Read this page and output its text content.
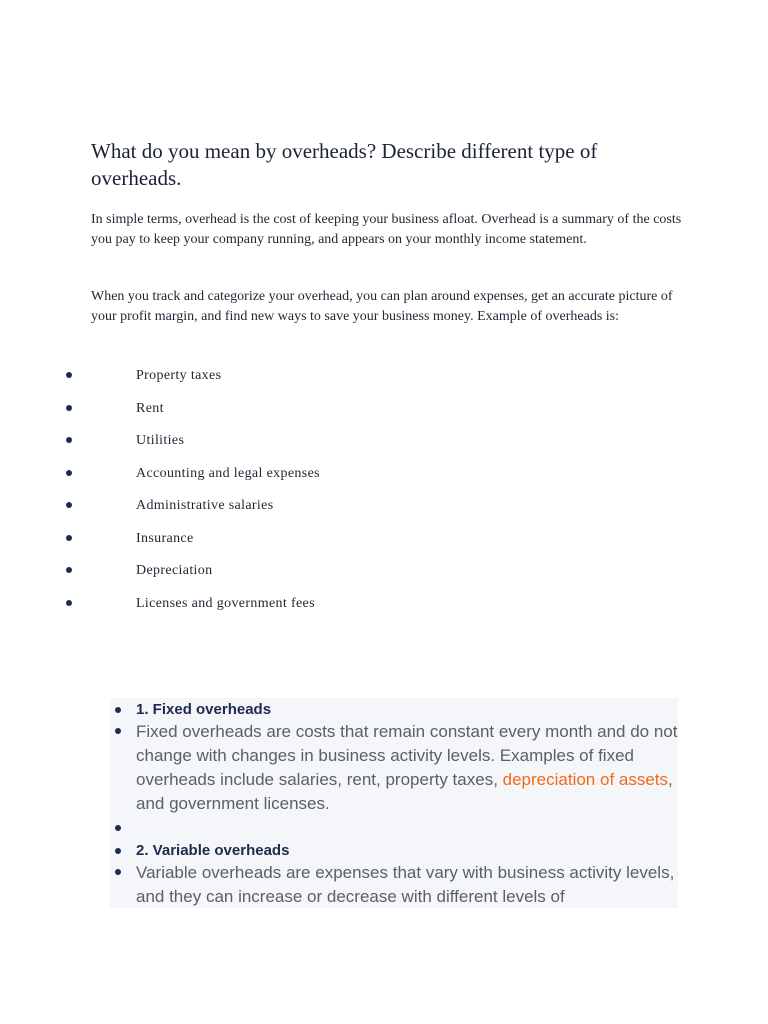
What do you mean by overheads? Describe different type of overheads.

In simple terms, overhead is the cost of keeping your business afloat. Overhead is a summary of the costs you pay to keep your company running, and appears on your monthly income statement.

When you track and categorize your overhead, you can plan around expenses, get an accurate picture of your profit margin, and find new ways to save your business money. Example of overheads is:

Property taxes
Rent
Utilities
Accounting and legal expenses
Administrative salaries
Insurance
Depreciation
Licenses and government fees
1. Fixed overheads
Fixed overheads are costs that remain constant every month and do not change with changes in business activity levels. Examples of fixed overheads include salaries, rent, property taxes, depreciation of assets, and government licenses.
2. Variable overheads
Variable overheads are expenses that vary with business activity levels, and they can increase or decrease with different levels of
